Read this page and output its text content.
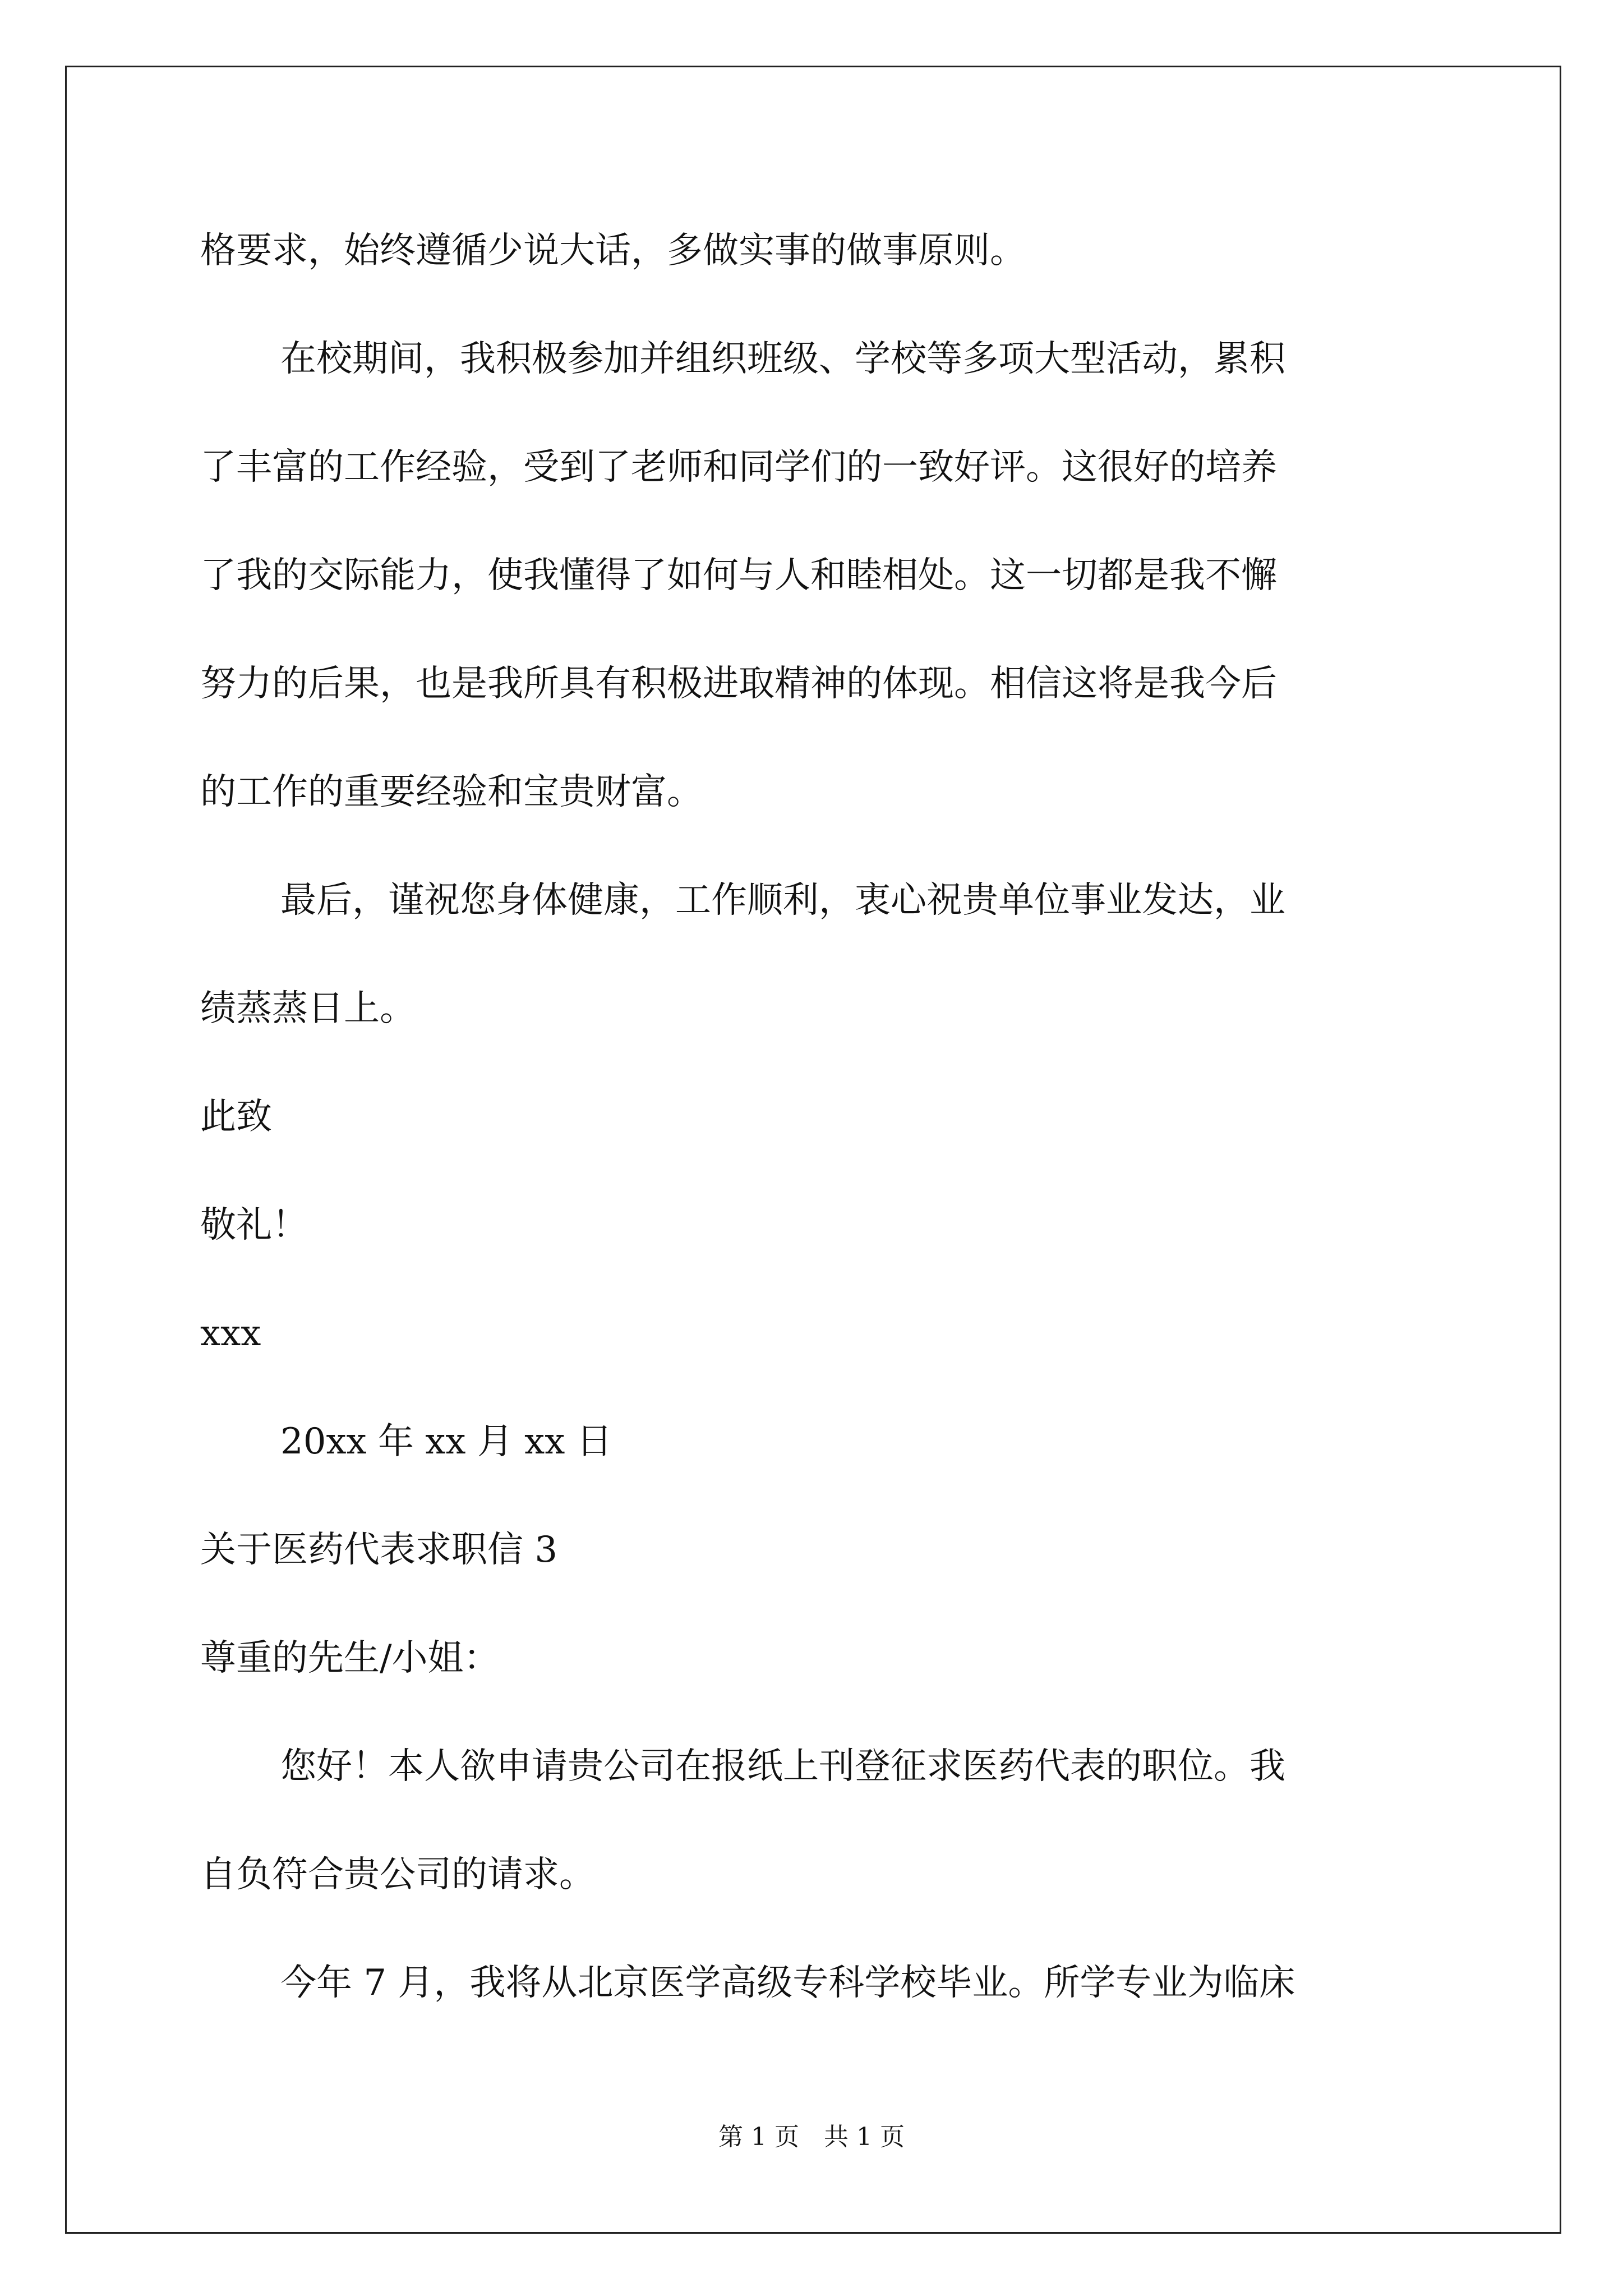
格要求，始终遵循少说大话，多做实事的做事原则。
在校期间，我积极参加并组织班级、学校等多项大型活动，累积
了丰富的工作经验，受到了老师和同学们的一致好评。这很好的培养
了我的交际能力，使我懂得了如何与人和睦相处。这一切都是我不懈
努力的后果，也是我所具有积极进取精神的体现。相信这将是我今后
的工作的重要经验和宝贵财富。
最后，谨祝您身体健康，工作顺利，衷心祝贵单位事业发达，业
绩蒸蒸日上。
此致
敬礼！
xxx
20xx 年 xx 月 xx 日
关于医药代表求职信 3
尊重的先生/小姐：
您好！本人欲申请贵公司在报纸上刊登征求医药代表的职位。我
自负符合贵公司的请求。
今年 7 月，我将从北京医学高级专科学校毕业。所学专业为临床
第 1 页　共 1 页
